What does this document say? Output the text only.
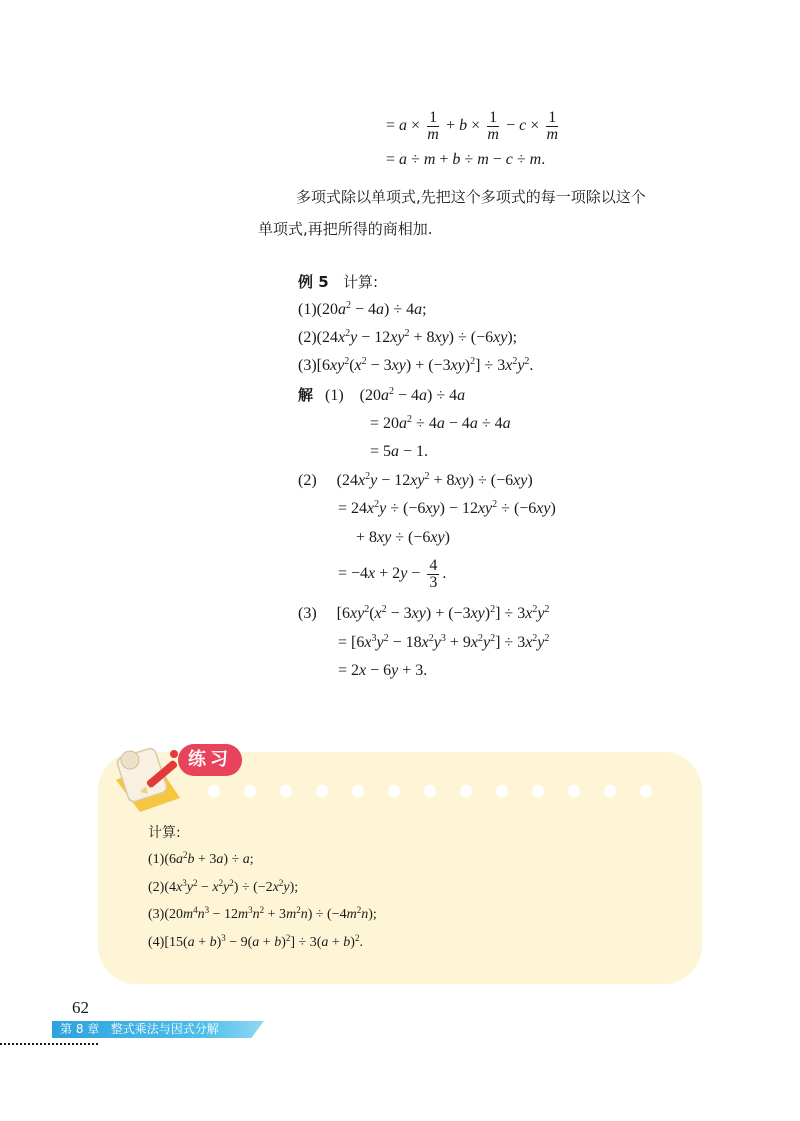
= $a \times \frac{1}{m} + b \times \frac{1}{m} - c \times \frac{1}{m}$
= a ÷ m + b ÷ m − c ÷ m.
多项式除以单项式,先把这个多项式的每一项除以这个
单项式,再把所得的商相加.
例 5 计算:
$(1)(20a^2 - 4a) \div 4a$;
$(2)(24x^2y - 12xy^2 + 8xy) \div (-6xy)$;
$(3)[6xy^2(x^2 - 3xy) + (-3xy)^2] \div 3x^2y^2$.
解 (1)    $(20a^2 - 4a) \div 4a$
= $20a^2 \div 4a - 4a \div 4a$
= 5a − 1.
(2)     $(24x^2y - 12xy^2 + 8xy) \div (-6xy)$
= $24x^2y \div (-6xy) - 12xy^2 \div (-6xy)$
+ 8xy ÷ (−6xy)
= $-4x + 2y - \frac{4}{3}$ .
(3)     $[6xy^2(x^2 - 3xy) + (-3xy)^2] \div 3x^2y^2$
= $[6x^3y^2 - 18x^2y^3 + 9x^2y^2] \div 3x^2y^2$
= 2x − 6y + 3.
练习
计算:
$(1)(6a^2b + 3a) \div a$;
$(2)(4x^3y^2 - x^2y^2) \div (-2x^2y)$;
$(3)(20m^4n^3 - 12m^3n^2 + 3m^2n) \div (-4m^2n)$;
$(4)[15(a + b)^3 - 9(a + b)^2] \div 3(a + b)^2$.
62
第 8 章   整式乘法与因式分解
